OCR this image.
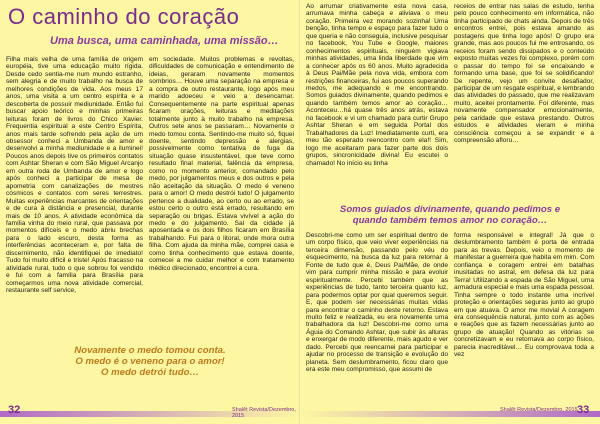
O caminho do coração
Uma busca, uma caminhada, uma missão…

Filha mais velha de uma família de origem européia, tive uma educação muito rígida. Desde cedo sentia-me num mundo estranho, sem alegria e de muito trabalho na busca de melhores condições de vida. Aos meus 17 anos, uma visita a um centro espírita e a descoberta de possuir mediunidade. Então fui buscar apoio teórico e minhas primeiras leituras foram de livros do Chico Xavier. Frequentia espiritual a este Centro Espírita, anos mais tarde sofrendo pela ação de um obsessor conheci a Umbanda de amor e desenvolvi a minha mediunidade e a iluminei! Poucos anos depois tive os primeiros contatos com Ashtar Sheran e com São Miguel Arcanjo em outra roda de Umbanda de amor e logo após conheci a participar de mesa de apometria com canalizações de mestres cósmicos e contatos com seres terrestres. Muitas experiências marcantes de orientações e de cura à distância e presencial, durante mais de 10 anos. A atividade econômica da família vinha do meio rural, que passava por momentos difíceis e o medo abriu brechas para o lado escuro, desta forma as interferências aconteceram e, por falta de discernimento, não identifiquei de imediato! Tudo foi muito difícil e triste! Após fracasso na atividade rural, tudo o que sobrou foi vendido e fui com a família para Brasília para começarmos uma nova atividade comercial, restaurante self service,

em sociedade. Muitos problemas e revoltas, dificuldades de comunicação e entendimento de ideias, geraram novamente momentos sombrios… Houve uma separação na empresa e a compra de outro restaurante, logo após meu marido adoeceu e veio a desencarnar. Consequentemente na parte espiritual apenas ficaram orações, leituras e meditações totalmente junto à muito trabalho na empresa. Outros sete anos se passaram… Novamente o medo tomou conta. Sentindo-me muito só, fiquei doente, sentindo depressão e alergias, possivelmente como tentativa de fuga da situação quase insustentável, que teve como resultado final material, falência da empresa, como no momento anterior, comandado pelo medo, por julgamentos meus e dos outros e pela não aceitação da situação. O medo é veneno para o amor! O medo destrói tudo! O julgamento pertence a dualidade, ao certo ou ao errado, se estou certo o outro está errado, resultando em separação ou brigas. Estava vivível a ação do medo e do julgamento. Sal da cidade já aposentada e os dois filhos ficaram em Brasília trabalhando. Fui para o litoral, onde mora outra filha. Com ajuda da minha mãe, comprei casa e como tinha conhecimento que estava doente, comecei a me cuidar melhor e com tratamento médico direcionado, encontrei a cura.

Novamente o medo tomou conta.
O medo é o veneno para o amor!
O medo detrói tudo…
32	Shalêt Revista/Dezembro, 2015

Ao arrumar criativamente esta nova casa, arrumava minha cabeça e aliviava o meu coração. Primeira vez morando sozinha! Uma benção, tinha tempo e espaço para fazer tudo o que queria e não conseguia, inclusive pesquisar no facebook, You Tube e Google, maiores conhecimentos espirituais, ninguém vigiava minhas atividades, uma linda liberdade que vim a conhecer após os 60 anos. Muito agradecida à Deus Pai/Mãe pela nova vida, embora com restrições financeiras, fui aos poucos superando medos, me adequando e me encontrando. Somos guiados divinamente, quando pedimos e quando também temos amor ao coração… Aconteceu…há quase três anos atrás, estava no facebook e vi um chamado para curtir Grupo Ashtar Sheran e em seguida Portal dos Trabalhadores da Luz! Imediatamente curti, era meu tão esperado reencontro com ela!! Sim, logo me aceitaram para fazer parte dos dois grupos, sincronicidade divina! Eu escutei o chamado! No início eu tinha

receios de entrar nas salas de estudo, tenha pelo pouco conhecimento em informática, não tinha participado de chats ainda. Depois de três encontros entrei, pois estava amando as postagens que tinha logo após! O grupo era grande, mas aos poucos fui me entrosando, os receios foram sendo dissipados e o conteúdo exposto muitas vezes foi complexo, porém com o passar do tempo foi se encaixando e formando uma base, que foi se solidificando! De repente, vejo um convite desafiador, participar de um resgate espiritual, e lembrando das atividades do passado, que me realizavam muito, aceitei prontamente. Foi diferente, mas novamente compensador emocionalmente, pela caridade que estava prestando. Outros estudos e atividades vieram e minha consciência começou a se expandir e a compreensão afloru…

Somos guiados divinamente, quando pedimos e
quando também temos amor no coração…

Descobri-me como um ser espiritual dentro de um corpo físico, que veio viver experiências na terceira dimensão, passando pelo véu do esquecimento, na busca da luz para retornar à Fonte de tudo que é, Deus Pai/Mãe, de onde vim para cumprir minha missão e para evoluir espiritualmente. Percebi também que as experiências de tudo, tanto terceira quanto luz, para podermos optar por qual queremos seguir. E, que podem ser necessárias muitas vidas para encontrar o caminho deste retorno. Estava muito feliz e realizada, eu era novamente uma trabalhadora da luz! Descobri-me como uma Águia do Comando Ashtar, que subir às alturas e enxergar de modo diferente, mais agudo e ver dado. Percebi que reencarnei para participar e ajudar no processo de transição e evolução do planeta. Sem deslumbramento, ficou claro que era este meu compromisso, que assumi de

forma responsável e integral! Já que o deslumbramento também é porta de entrada para as trevas. Depois, veio o momento de manifestar a guerreira que habita em mim. Com confiança e coragem entrei em batalhas inusitadas no astral, em defesa da luz para Terra! Utilizando a espada de São Miguel, uma armadura especial e mais uma espada pessoal. Tinha sempre o todo instante uma incrível proteção e orientações seguras junto ao grupo em que atuava. O amor me movia! A coragem era consequência natural, junto com as ações e reações que as fazem necessárias junto ao grupo de atuação! Quando as vitórias se concretizavam e eu retornava ao corpo físico, parecia inacreditável… Eu comprovava toda a vez

Shalêt Revista/Dezembro, 2015 33
